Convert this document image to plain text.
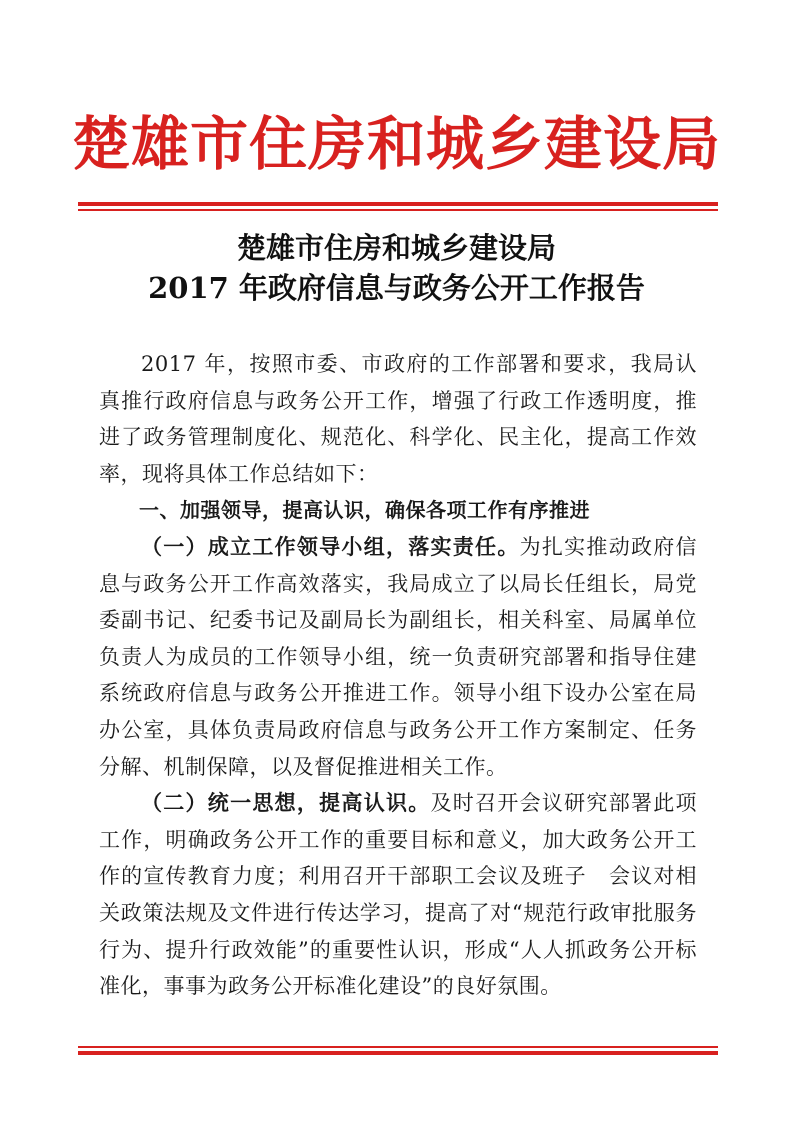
楚雄市住房和城乡建设局
楚雄市住房和城乡建设局
2017 年政府信息与政务公开工作报告

2017 年，按照市委、市政府的工作部署和要求，我局认真推行政府信息与政务公开工作，增强了行政工作透明度，推进了政务管理制度化、规范化、科学化、民主化，提高工作效率，现将具体工作总结如下：

一、加强领导，提高认识，确保各项工作有序推进

（一）成立工作领导小组，落实责任。为扎实推动政府信息与政务公开工作高效落实，我局成立了以局长任组长，局党委副书记、纪委书记及副局长为副组长，相关科室、局属单位负责人为成员的工作领导小组，统一负责研究部署和指导住建系统政府信息与政务公开推进工作。领导小组下设办公室在局办公室，具体负责局政府信息与政务公开工作方案制定、任务分解、机制保障，以及督促推进相关工作。

（二）统一思想，提高认识。及时召开会议研究部署此项工作，明确政务公开工作的重要目标和意义，加大政务公开工作的宣传教育力度；利用召开干部职工会议及班子　会议对相关政策法规及文件进行传达学习，提高了对“规范行政审批服务行为、提升行政效能”的重要性认识，形成“人人抓政务公开标准化，事事为政务公开标准化建设”的良好氛围。
